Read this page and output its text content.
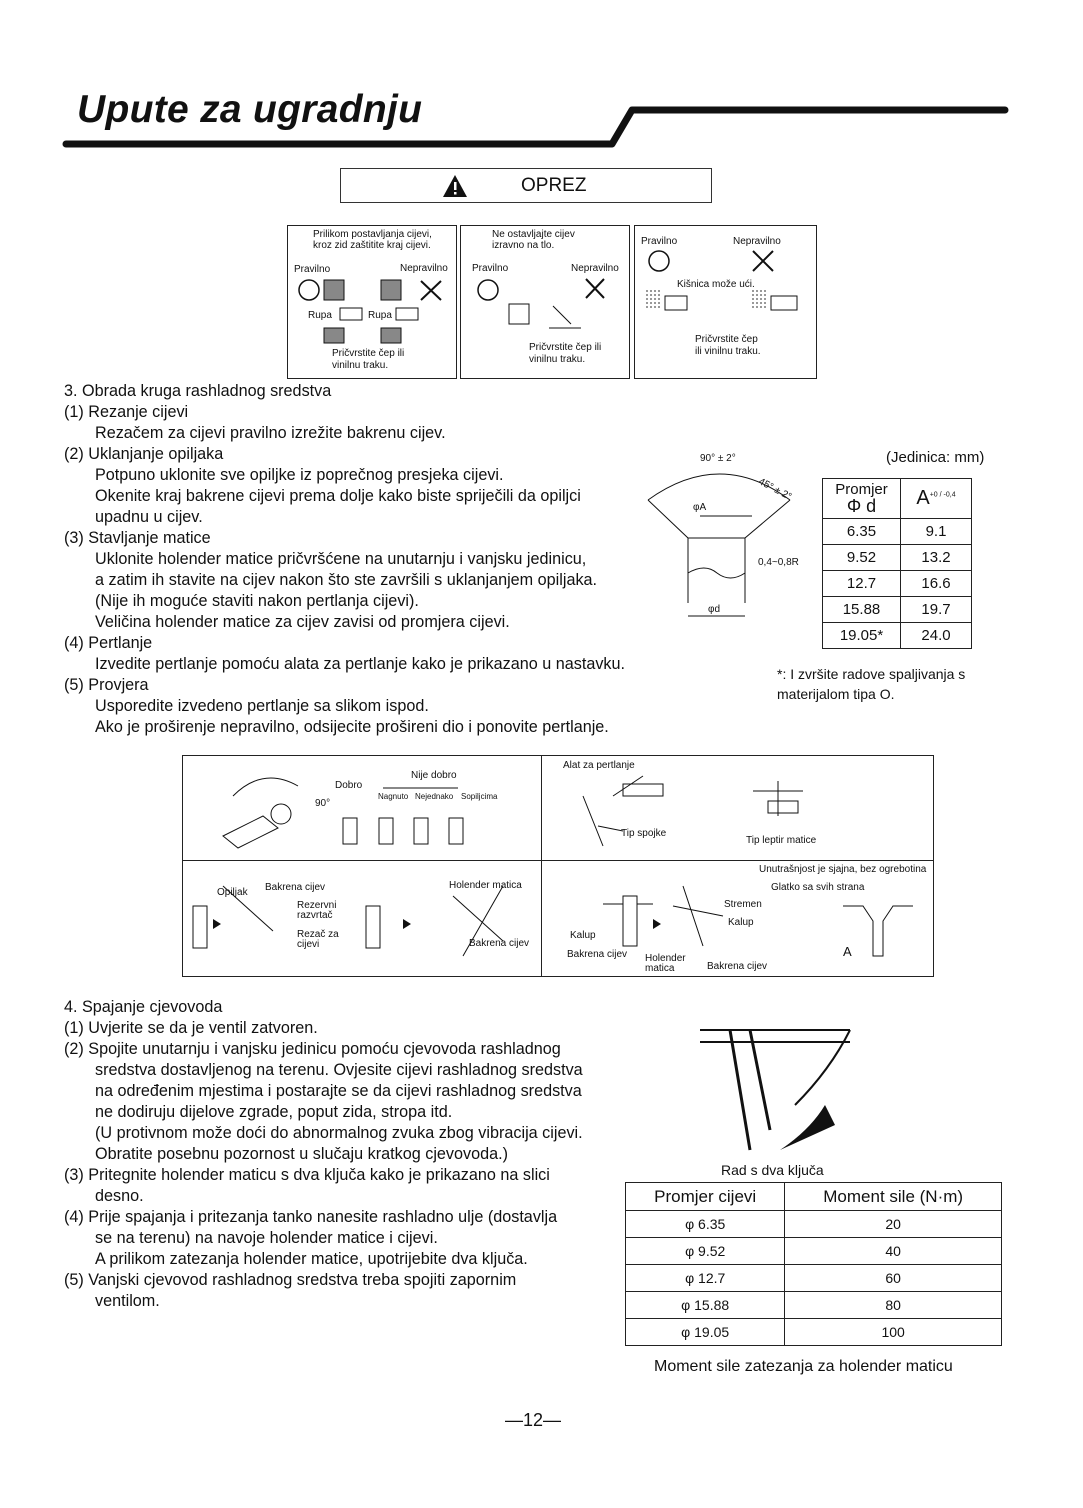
Upute za ugradnju
OPREZ
Prilikom postavljanja cijevi,
kroz zid zaštitite kraj cijevi.
Pravilno	Nepravilno
Rupa	Rupa
Pričvrstite čep ili
vinilnu traku.
Ne ostavljajte cijev
izravno na tlo.
Pravilno	Nepravilno
Pričvrstite čep ili
vinilnu traku.
Pravilno	Nepravilno
Kišnica može ući.
Pričvrstite čep
ili vinilnu traku.
3. Obrada kruga rashladnog sredstva
(1) Rezanje cijevi
Rezačem za cijevi pravilno izrežite bakrenu cijev.
(2) Uklanjanje opiljaka
Potpuno uklonite sve opiljke iz poprečnog presjeka cijevi.
Okenite kraj bakrene cijevi prema dolje kako biste spriječili da opiljci
upadnu u cijev.
(3) Stavljanje matice
Uklonite holender matice pričvršćene na unutarnju i vanjsku jedinicu,
a zatim ih stavite na cijev nakon što ste završili s uklanjanjem opiljaka.
(Nije ih moguće staviti nakon pertlanja cijevi).
Veličina holender matice za cijev zavisi od promjera cijevi.
(4) Pertlanje
Izvedite pertlanje pomoću alata za pertlanje kako je prikazano u nastavku.
(5) Provjera
Usporedite izvedeno pertlanje sa slikom ispod.
Ako je proširenje nepravilno, odsijecite prošireni dio i ponovite pertlanje.
90° ± 2°
45° ± 2°
φA
0,4~0,8R
φd
(Jedinica: mm)
Promjer
Φ d	$A^{+0 / -0,4}$
6.35	9.1
9.52	13.2
12.7	16.6
15.88	19.7
19.05*	24.0
*: I zvršite radove spaljivanja s
materijalom tipa O.
Nije dobro
Dobro
90°
Nagnuto Nejednako Sopiljcima
Alat za pertlanje
Tip spojke
Tip leptir matice
Opiljak Bakrena cijev
Rezervni
razvrtač
Rezač za
cijevi
Holender matica
Bakrena cijev
Unutrašnjost je sjajna, bez ogrebotina
Glatko sa svih strana
Stremen
Kalup
Kalup
Bakrena cijev Holender
matica	Bakrena cijev
A
4. Spajanje cjevovoda
(1) Uvjerite se da je ventil zatvoren.
(2) Spojite unutarnju i vanjsku jedinicu pomoću cjevovoda rashladnog
sredstva dostavljenog na terenu. Ovjesite cijevi rashladnog sredstva
na određenim mjestima i postarajte se da cijevi rashladnog sredstva
ne dodiruju dijelove zgrade, poput zida, stropa itd.
(U protivnom može doći do abnormalnog zvuka zbog vibracija cijevi.
Obratite posebnu pozornost u slučaju kratkog cjevovoda.)
(3) Pritegnite holender maticu s dva ključa kako je prikazano na slici
desno.
(4) Prije spajanja i pritezanja tanko nanesite rashladno ulje (dostavlja
se na terenu) na navoje holender matice i cijevi.
A prilikom zatezanja holender matice, upotrijebite dva ključa.
(5) Vanjski cjevovod rashladnog sredstva treba spojiti zapornim
ventilom.
Rad s dva ključa
Promjer cijevi	Moment sile (N·m)
φ 6.35	20
φ 9.52	40
φ 12.7	60
φ 15.88	80
φ 19.05	100
Moment sile zatezanja za holender maticu
—12—
